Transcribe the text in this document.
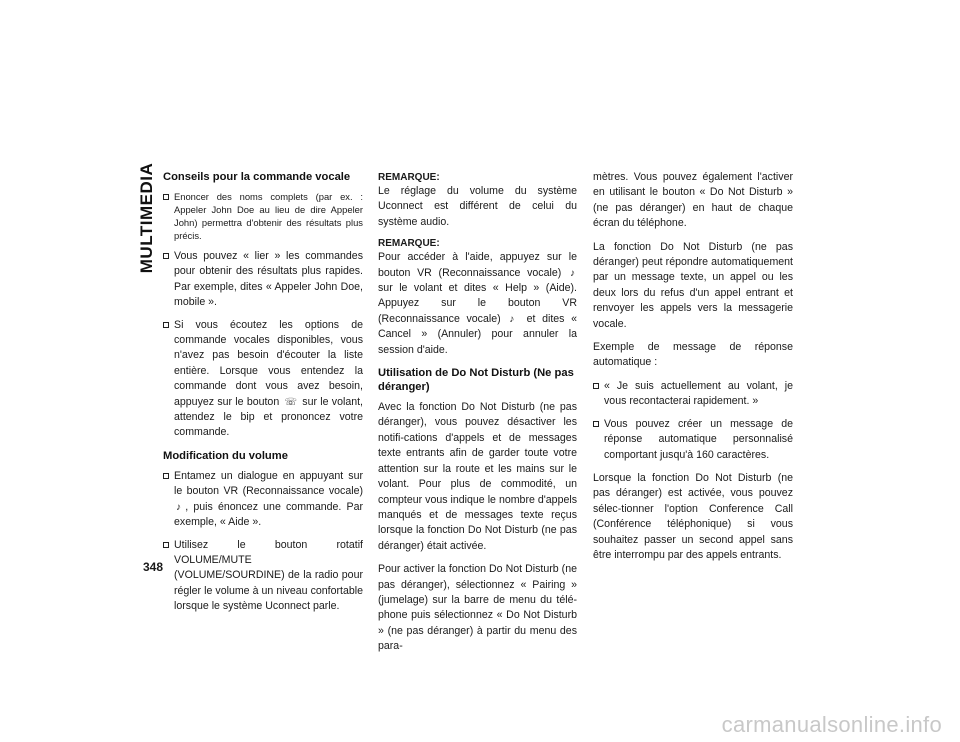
MULTIMEDIA
348
Conseils pour la commande vocale
Enoncer des noms complets (par ex. : Appeler John Doe au lieu de dire Appeler John) permettra d'obtenir des résultats plus précis.
Vous pouvez « lier » les commandes pour obtenir des résultats plus rapides. Par exemple, dites « Appeler John Doe, mobile ».
Si vous écoutez les options de commande vocales disponibles, vous n'avez pas besoin d'écouter la liste entière. Lorsque vous entendez la commande dont vous avez besoin, appuyez sur le bouton ☏ sur le volant, attendez le bip et prononcez votre commande.
Modification du volume
Entamez un dialogue en appuyant sur le bouton VR (Reconnaissance vocale) ♪ , puis énoncez une commande. Par exemple, « Aide ».
Utilisez le bouton rotatif VOLUME/MUTE (VOLUME/SOURDINE) de la radio pour régler le volume à un niveau confortable lorsque le système Uconnect parle.
REMARQUE:

Le réglage du volume du système Uconnect est différent de celui du système audio.

REMARQUE:

Pour accéder à l'aide, appuyez sur le bouton VR (Reconnaissance vocale) ♪ sur le volant et dites « Help » (Aide). Appuyez sur le bouton VR (Reconnaissance vocale) ♪ et dites « Cancel » (Annuler) pour annuler la session d'aide.

Utilisation de Do Not Disturb (Ne pas déranger)

Avec la fonction Do Not Disturb (ne pas déranger), vous pouvez désactiver les notifi-cations d'appels et de messages texte entrants afin de garder toute votre attention sur la route et les mains sur le volant. Pour plus de commodité, un compteur vous indique le nombre d'appels manqués et de messages texte reçus lorsque la fonction Do Not Disturb (ne pas déranger) était activée.

Pour activer la fonction Do Not Disturb (ne pas déranger), sélectionnez « Pairing » (jumelage) sur la barre de menu du télé-phone puis sélectionnez « Do Not Disturb » (ne pas déranger) à partir du menu des para-

mètres. Vous pouvez également l'activer en utilisant le bouton « Do Not Disturb » (ne pas déranger) en haut de chaque écran du téléphone.

La fonction Do Not Disturb (ne pas déranger) peut répondre automatiquement par un message texte, un appel ou les deux lors du refus d'un appel entrant et renvoyer les appels vers la messagerie vocale.

Exemple de message de réponse automatique :

« Je suis actuellement au volant, je vous recontacterai rapidement. »
Vous pouvez créer un message de réponse automatique personnalisé comportant jusqu'à 160 caractères.

Lorsque la fonction Do Not Disturb (ne pas déranger) est activée, vous pouvez sélec-tionner l'option Conference Call (Conférence téléphonique) si vous souhaitez passer un second appel sans être interrompu par des appels entrants.

carmanualsonline.info
